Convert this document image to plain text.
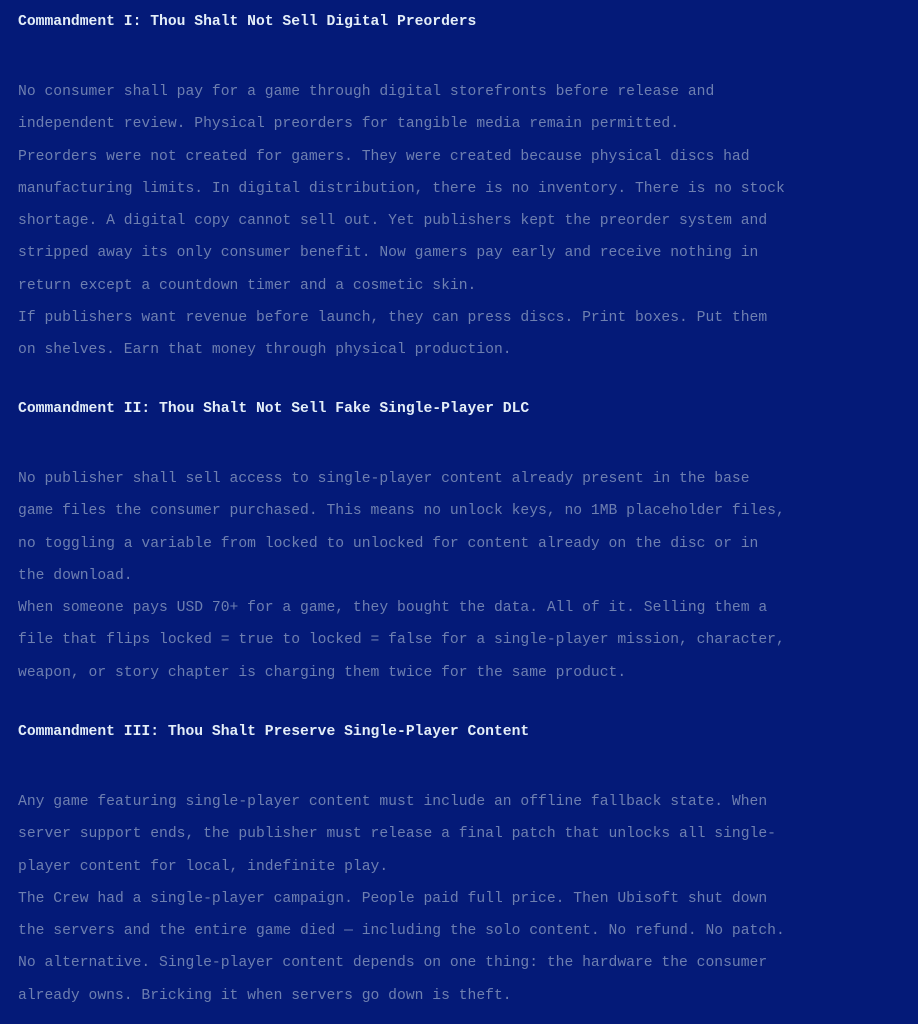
Commandment I: Thou Shalt Not Sell Digital Preorders
No consumer shall pay for a game through digital storefronts before release and
independent review. Physical preorders for tangible media remain permitted.
Preorders were not created for gamers. They were created because physical discs had
manufacturing limits. In digital distribution, there is no inventory. There is no stock
shortage. A digital copy cannot sell out. Yet publishers kept the preorder system and
stripped away its only consumer benefit. Now gamers pay early and receive nothing in
return except a countdown timer and a cosmetic skin.
If publishers want revenue before launch, they can press discs. Print boxes. Put them
on shelves. Earn that money through physical production.
Commandment II: Thou Shalt Not Sell Fake Single-Player DLC
No publisher shall sell access to single-player content already present in the base
game files the consumer purchased. This means no unlock keys, no 1MB placeholder files,
no toggling a variable from locked to unlocked for content already on the disc or in
the download.
When someone pays USD 70+ for a game, they bought the data. All of it. Selling them a
file that flips locked = true to locked = false for a single-player mission, character,
weapon, or story chapter is charging them twice for the same product.
Commandment III: Thou Shalt Preserve Single-Player Content
Any game featuring single-player content must include an offline fallback state. When
server support ends, the publisher must release a final patch that unlocks all single-
player content for local, indefinite play.
The Crew had a single-player campaign. People paid full price. Then Ubisoft shut down
the servers and the entire game died — including the solo content. No refund. No patch.
No alternative. Single-player content depends on one thing: the hardware the consumer
already owns. Bricking it when servers go down is theft.
